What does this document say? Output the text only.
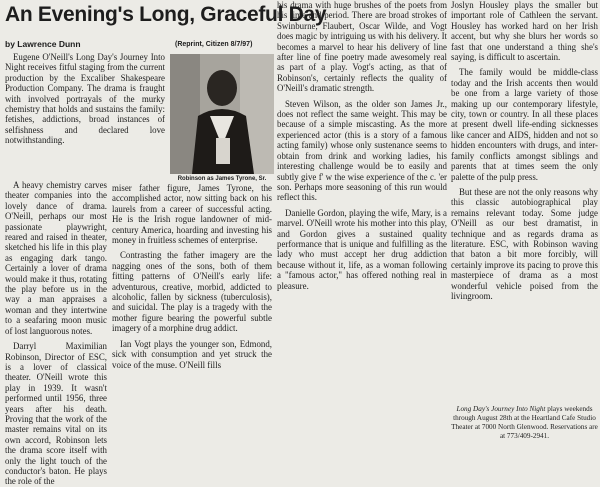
An Evening's Long, Graceful Day
by Lawrence Dunn	(Reprint, Citizen 8/7/97)

Eugene O'Neill's Long Day's Journey Into Night receives fitful staging from the current production by the Excaliber Shakespeare Production Company. The drama is fraught with involved portrayals of the murky chemistry that holds and sustains the family: fetishes, addictions, broad instances of selfishness and declared love notwithstanding.

Robinson as James Tyrone, Sr.

A heavy chemistry carves theater companies into the lovely dance of drama. O'Neill, perhaps our most passionate playwright, reared and raised in theater, sketched his life in this play as engaging dark tango. Certainly a lover of drama would make it thus, rotating the play before us in the way a man appraises a woman and they intertwine to a seafaring moon music of lost languorous notes.

Darryl Maximilian Robinson, Director of ESC, is a lover of classical theater. O'Neill wrote this play in 1939. It wasn't performed until 1956, three years after his death. Proving that the work of the master remains vital on its own accord, Robinson lets the drama score itself with only the light touch of the conductor's baton. He plays the role of the

miser father figure, James Tyrone, the accomplished actor, now sitting back on his laurels from a career of successful acting. He is the Irish rogue landowner of mid-century America, hoarding and investing his money in fruitless schemes of enterprise.

Contrasting the father imagery are the nagging ones of the sons, both of them fitting patterns of O'Neill's early life: adventurous, creative, morbid, addicted to alcoholic, fallen by sickness (tuberculosis), and suicidal. The play is a tragedy with the mother figure bearing the powerful subtle imagery of a morphine drug addict.

Ian Vogt plays the younger son, Edmond, sick with consumption and yet struck the voice of the muse. O'Neill fills

his drama with huge brushes of the poets from his time and period. There are broad strokes of Swinburne, Flaubert, Oscar Wilde, and Vogt does magic by intriguing us with his delivery. It becomes a marvel to hear his delivery of line after line of fine poetry made awesomely real as part of a play. Vogt's acting, as that of Robinson's, certainly reflects the quality of O'Neill's dramatic strength.

Steven Wilson, as the older son James Jr., does not reflect the same weight. This may be because of a simple miscasting. As the more experienced actor (this is a story of a famous acting family) whose only sustenance seems to obtain from drink and working ladies, his interesting challenge would be to easily and subtly give f' w the wise experience of the c. 'er son. Perhaps more seasoning of this run would reflect this.

Danielle Gordon, playing the wife, Mary, is a marvel. O'Neill wrote his mother into this play, and Gordon gives a sustained quality performance that is unique and fulfilling as the lady who must accept her drug addiction because without it, life, as a woman following a "famous actor," has offered nothing real in pleasure.

Joslyn Housley plays the smaller but important role of Cathleen the servant. Housley has worked hard on her Irish accent, but why she blurs her words so fast that one understand a thing she's saying, is difficult to ascertain.

The family would be middle-class today and the Irish accents then would be one from a large variety of those making up our contemporary lifestyle, city, town or country. In all these places at present dwell life-ending sicknesses like cancer and AIDS, hidden and not so hidden encounters with drugs, and inter-family conflicts amongst siblings and parents that at times seem the only palette of the pulp press.

But these are not the only reasons why this classic autobiographical play remains relevant today. Some judge O'Neill as our best dramatist, in technique and as regards drama as literature. ESC, with Robinson waving that baton a bit more forcibly, will certainly improve its pacing to prove this masterpiece of drama as a most wonderful vehicle poised from the livingroom.

Long Day's Journey Into Night plays weekends through August 28th at the Heartland Cafe Studio Theater at 7000 North Glenwood. Reservations are at 773/409-2941.
